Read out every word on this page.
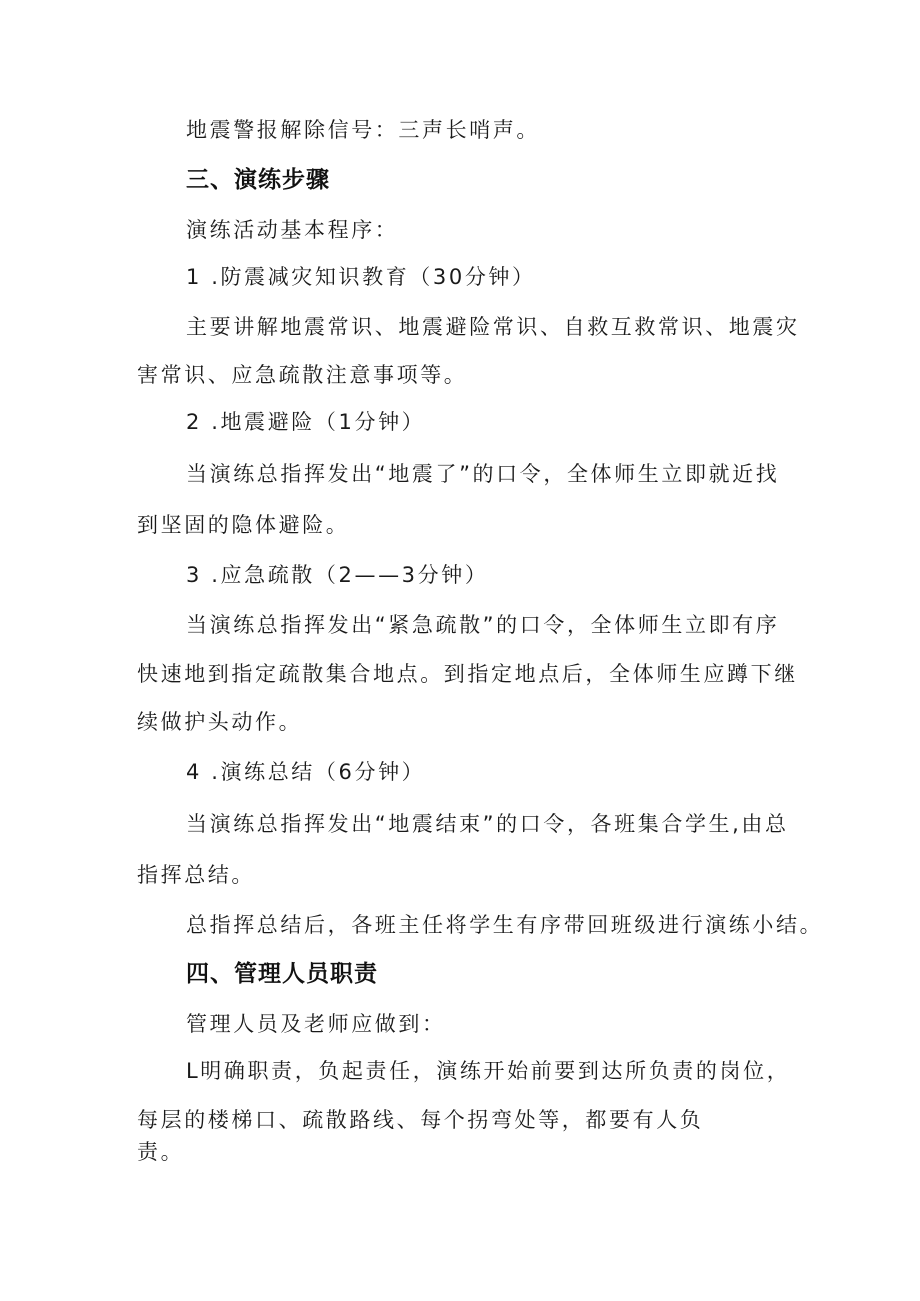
地震警报解除信号：三声长哨声。
三、演练步骤
演练活动基本程序：
1 .防震减灾知识教育（30分钟）
主要讲解地震常识、地震避险常识、自救互救常识、地震灾
害常识、应急疏散注意事项等。
2 .地震避险（1分钟）
当演练总指挥发出“地震了”的口令，全体师生立即就近找
到坚固的隐体避险。
3 .应急疏散（2——3分钟）
当演练总指挥发出“紧急疏散”的口令，全体师生立即有序
快速地到指定疏散集合地点。到指定地点后，全体师生应蹲下继
续做护头动作。
4 .演练总结（6分钟）
当演练总指挥发出“地震结束”的口令，各班集合学生,由总
指挥总结。
总指挥总结后，各班主任将学生有序带回班级进行演练小结。
四、管理人员职责
管理人员及老师应做到：
L明确职责，负起责任，演练开始前要到达所负责的岗位，
每层的楼梯口、疏散路线、每个拐弯处等，都要有人负
责。
